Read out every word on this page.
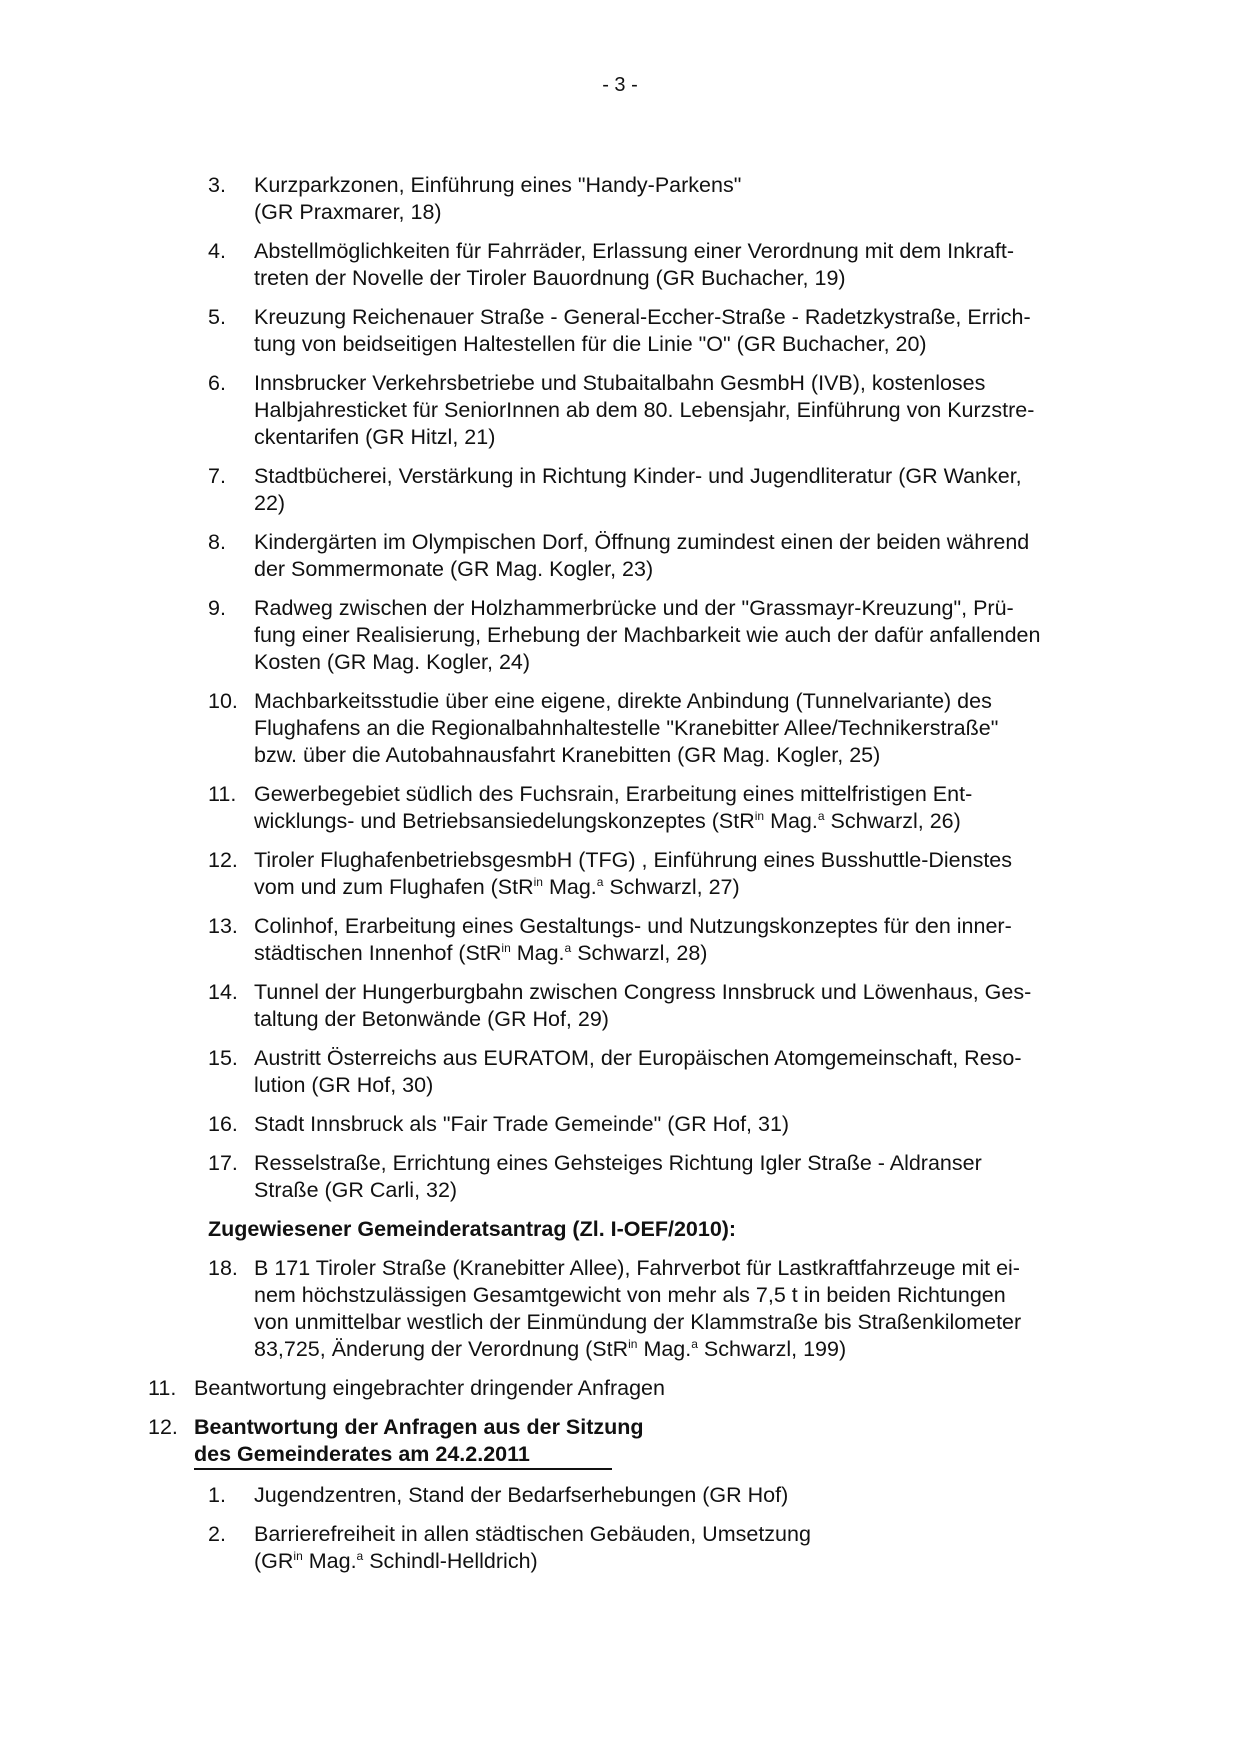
- 3 -
3. Kurzparkzonen, Einführung eines "Handy-Parkens"
(GR Praxmarer, 18)
4. Abstellmöglichkeiten für Fahrräder, Erlassung einer Verordnung mit dem Inkraft-
treten der Novelle der Tiroler Bauordnung (GR Buchacher, 19)
5. Kreuzung Reichenauer Straße - General-Eccher-Straße - Radetzkystraße, Errich-
tung von beidseitigen Haltestellen für die Linie "O" (GR Buchacher, 20)
6. Innsbrucker Verkehrsbetriebe und Stubaitalbahn GesmbH (IVB), kostenloses
Halbjahresticket für SeniorInnen ab dem 80. Lebensjahr, Einführung von Kurzstre-
ckentarifen (GR Hitzl, 21)
7. Stadtbücherei, Verstärkung in Richtung Kinder- und Jugendliteratur (GR Wanker,
22)
8. Kindergärten im Olympischen Dorf, Öffnung zumindest einen der beiden während
der Sommermonate (GR Mag. Kogler, 23)
9. Radweg zwischen der Holzhammerbrücke und der "Grassmayr-Kreuzung", Prü-
fung einer Realisierung, Erhebung der Machbarkeit wie auch der dafür anfallenden
Kosten (GR Mag. Kogler, 24)
10. Machbarkeitsstudie über eine eigene, direkte Anbindung (Tunnelvariante) des
Flughafens an die Regionalbahnhaltestelle "Kranebitter Allee/Technikerstraße"
bzw. über die Autobahnausfahrt Kranebitten (GR Mag. Kogler, 25)
11. Gewerbegebiet südlich des Fuchsrain, Erarbeitung eines mittelfristigen Ent-
wicklungs- und Betriebsansiedelungskonzeptes (StR$^{in}$ Mag.$^a$ Schwarzl, 26)
12. Tiroler FlughafenbetriebsgesmbH (TFG) , Einführung eines Busshuttle-Dienstes
vom und zum Flughafen (StR$^{in}$ Mag.$^a$ Schwarzl, 27)
13. Colinhof, Erarbeitung eines Gestaltungs- und Nutzungskonzeptes für den inner-
städtischen Innenhof (StR$^{in}$ Mag.$^a$ Schwarzl, 28)
14. Tunnel der Hungerburgbahn zwischen Congress Innsbruck und Löwenhaus, Ges-
taltung der Betonwände (GR Hof, 29)
15. Austritt Österreichs aus EURATOM, der Europäischen Atomgemeinschaft, Reso-
lution (GR Hof, 30)
16. Stadt Innsbruck als "Fair Trade Gemeinde" (GR Hof, 31)
17. Resselstraße, Errichtung eines Gehsteiges Richtung Igler Straße - Aldranser
Straße (GR Carli, 32)
Zugewiesener Gemeinderatsantrag (Zl. I-OEF/2010):
18. B 171 Tiroler Straße (Kranebitter Allee), Fahrverbot für Lastkraftfahrzeuge mit ei-
nem höchstzulässigen Gesamtgewicht von mehr als 7,5 t in beiden Richtungen
von unmittelbar westlich der Einmündung der Klammstraße bis Straßenkilometer
83,725, Änderung der Verordnung (StR$^{in}$ Mag.$^a$ Schwarzl, 199)
11. Beantwortung eingebrachter dringender Anfragen
12. Beantwortung der Anfragen aus der Sitzung
des Gemeinderates am 24.2.2011
1. Jugendzentren, Stand der Bedarfserhebungen (GR Hof)
2. Barrierefreiheit in allen städtischen Gebäuden, Umsetzung
($GR^{in}$ Mag.$^a$ Schindl-Helldrich)
